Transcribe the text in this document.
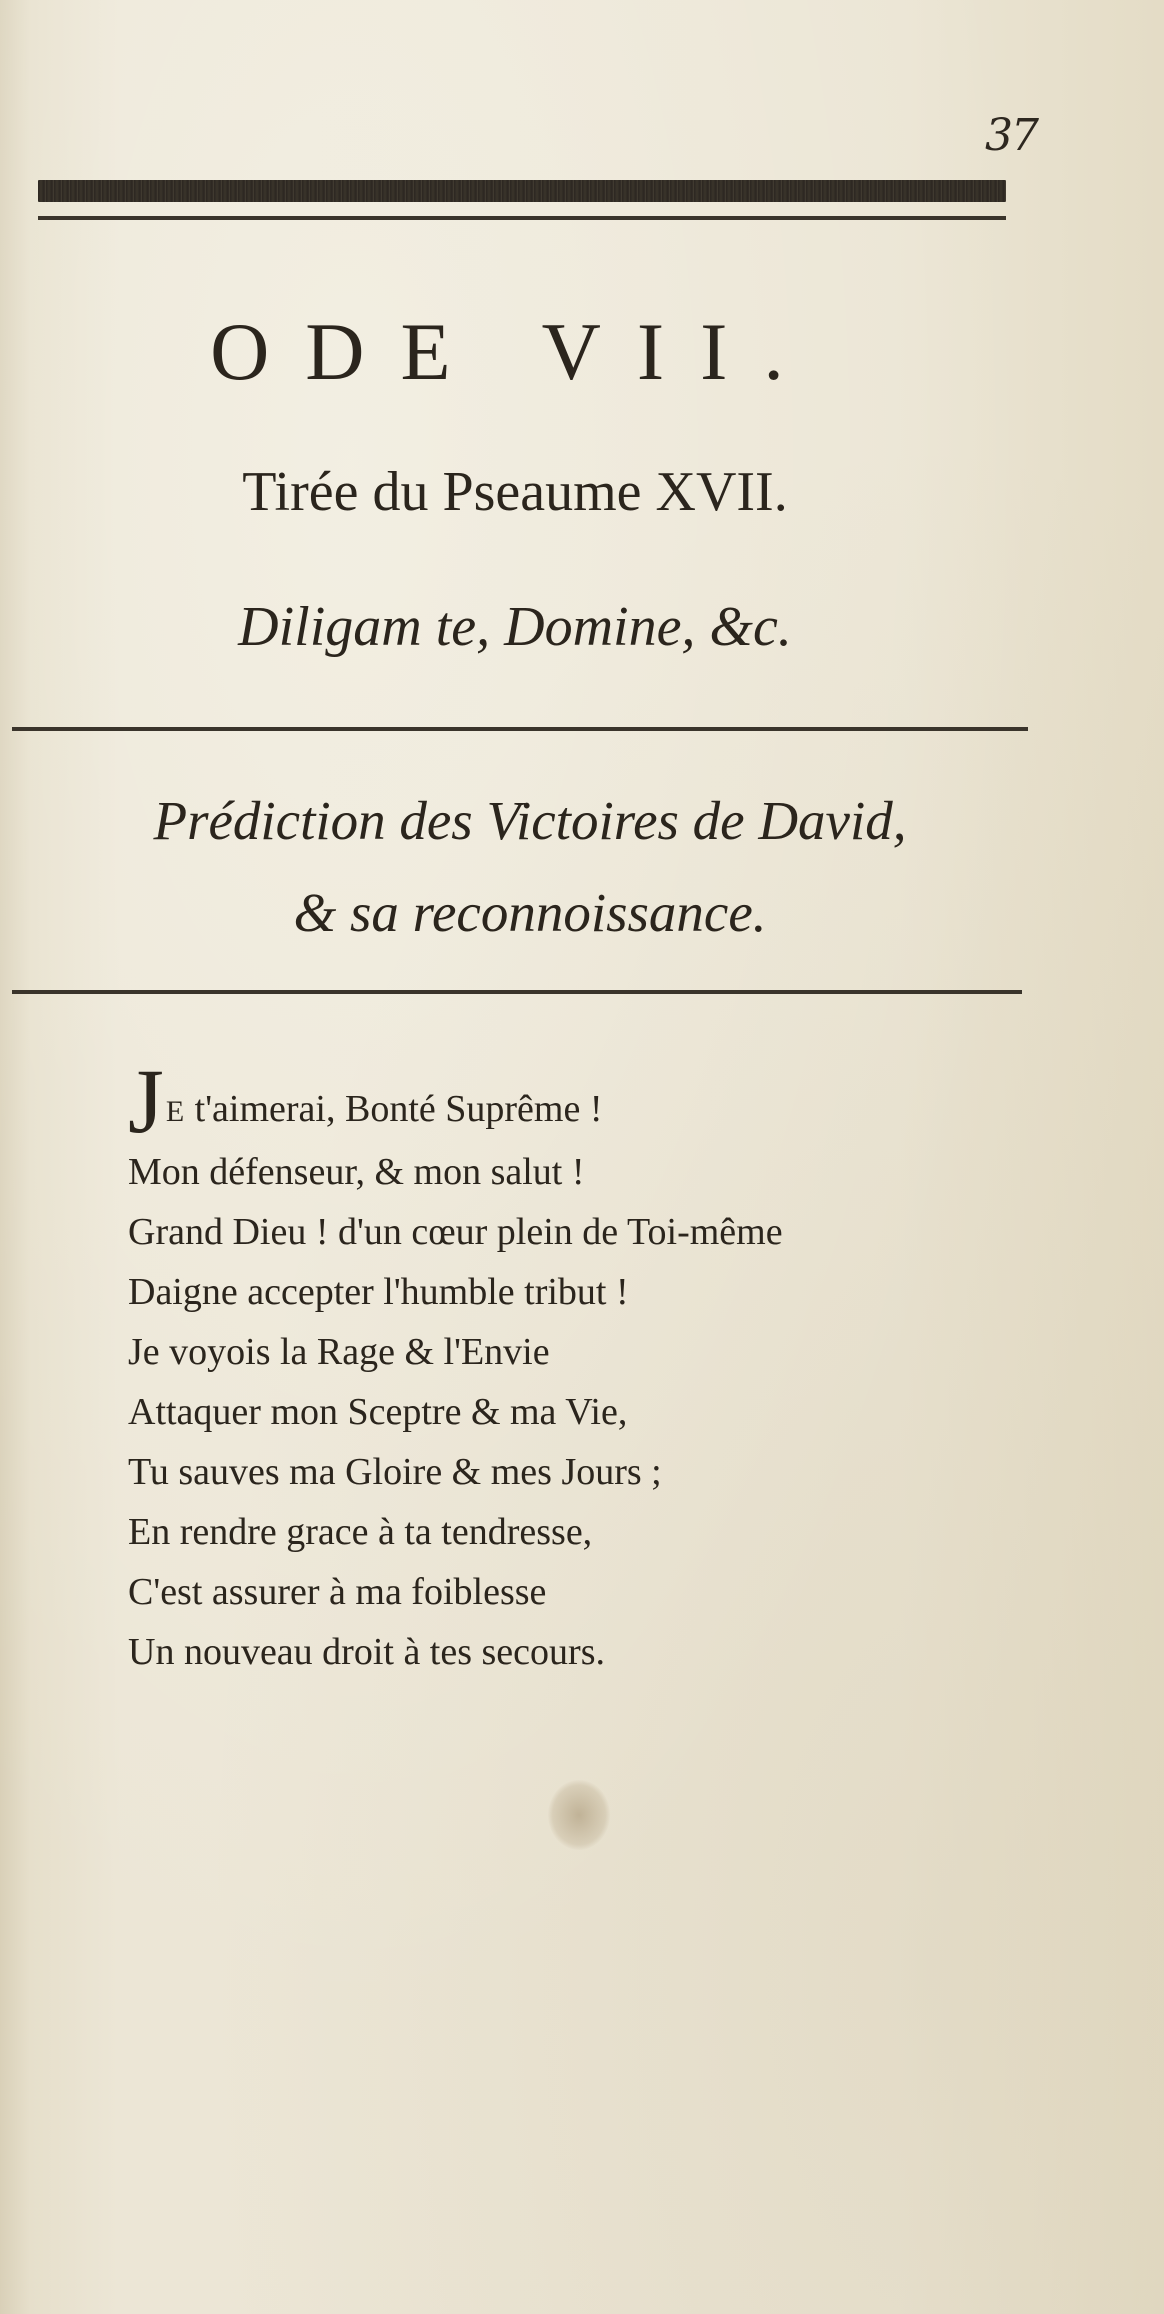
37
ODE VII.
Tirée du Pseaume XVII.
Diligam te, Domine, &c.
Prédiction des Victoires de David,
& sa reconnoissance.
JE t'aimerai, Bonté Suprême !
Mon défenseur, & mon salut !
Grand Dieu ! d'un cœur plein de Toi-même
Daigne accepter l'humble tribut !
Je voyois la Rage & l'Envie
Attaquer mon Sceptre & ma Vie,
Tu sauves ma Gloire & mes Jours ;
En rendre grace à ta tendresse,
C'est assurer à ma foiblesse
Un nouveau droit à tes secours.
